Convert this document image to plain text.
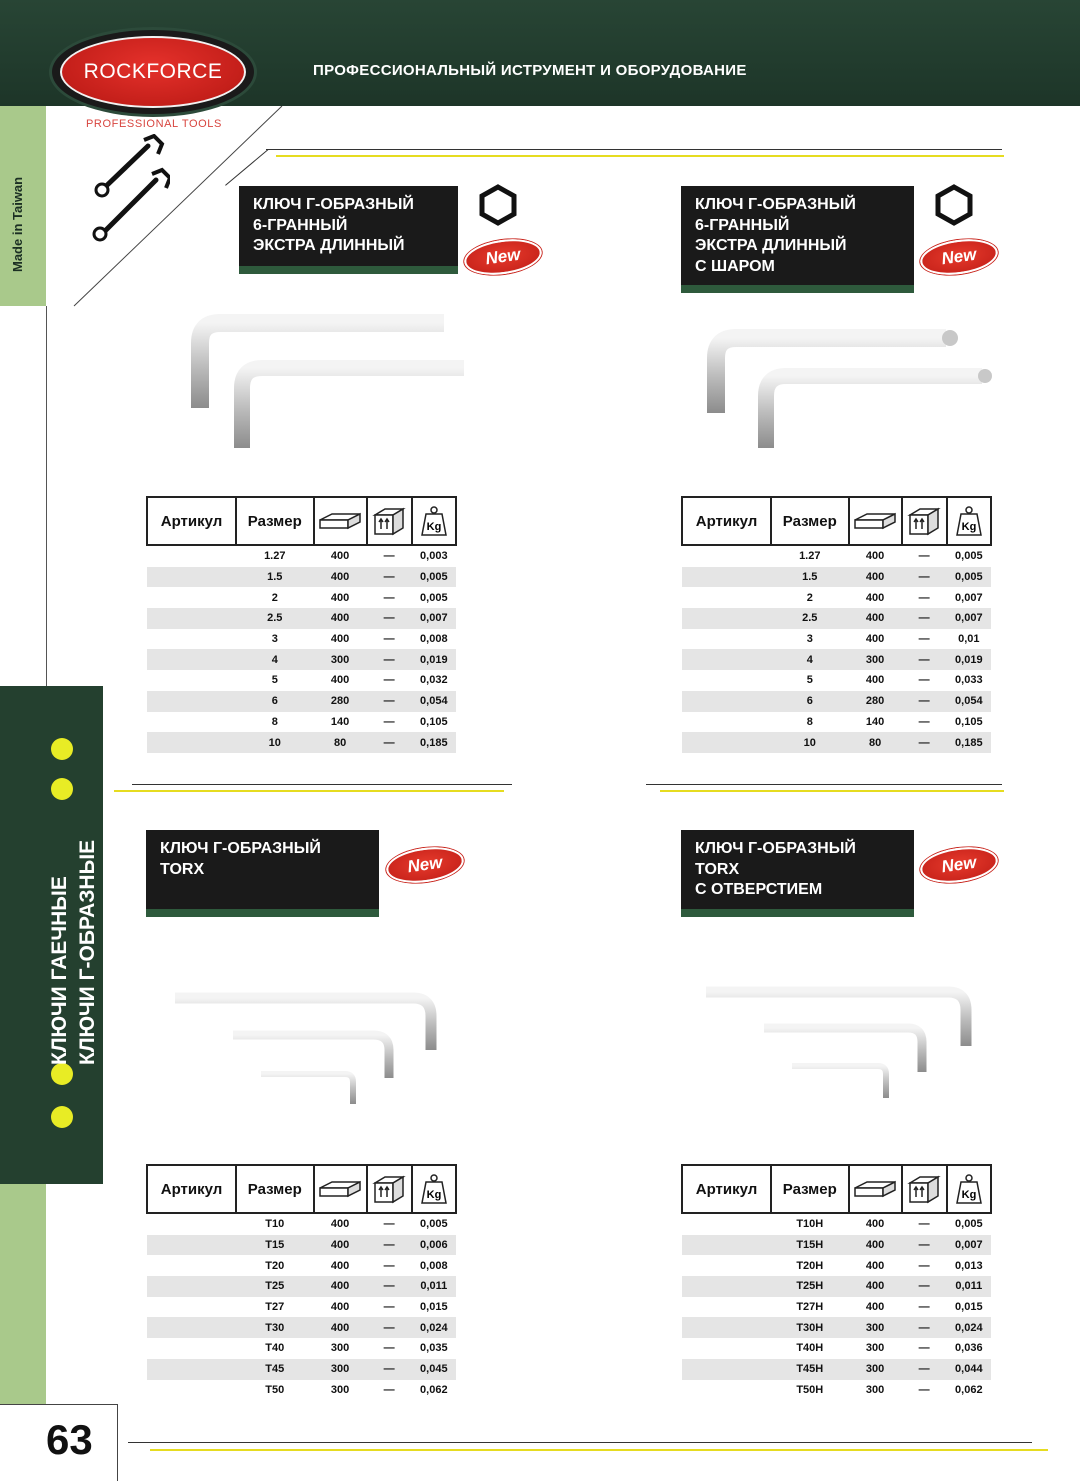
ROCKFORCE
PROFESSIONAL TOOLS
ПРОФЕССИОНАЛЬНЫЙ ИСТРУМЕНТ И ОБОРУДОВАНИЕ
Made in Taiwan
КЛЮЧИ ГАЕЧНЫЕ КЛЮЧИ Г-ОБРАЗНЫЕ
63
КЛЮЧ Г-ОБРАЗНЫЙ
6-ГРАННЫЙ
ЭКСТРА ДЛИННЫЙ	New
Артикул	Размер			Kg

	1.27	400	—	0,003
	1.5	400	—	0,005
	2	400	—	0,005
	2.5	400	—	0,007
	3	400	—	0,008
	4	300	—	0,019
	5	400	—	0,032
	6	280	—	0,054
	8	140	—	0,105
	10	80	—	0,185
КЛЮЧ Г-ОБРАЗНЫЙ
6-ГРАННЫЙ
ЭКСТРА ДЛИННЫЙ
С ШАРОМ	New
Артикул	Размер			Kg

	1.27	400	—	0,005
	1.5	400	—	0,005
	2	400	—	0,007
	2.5	400	—	0,007
	3	400	—	0,01
	4	300	—	0,019
	5	400	—	0,033
	6	280	—	0,054
	8	140	—	0,105
	10	80	—	0,185
КЛЮЧ Г-ОБРАЗНЫЙ
TORX	New
Артикул	Размер			Kg

	T10	400	—	0,005
	T15	400	—	0,006
	T20	400	—	0,008
	T25	400	—	0,011
	T27	400	—	0,015
	T30	400	—	0,024
	T40	300	—	0,035
	T45	300	—	0,045
	T50	300	—	0,062
КЛЮЧ Г-ОБРАЗНЫЙ
TORX
С ОТВЕРСТИЕМ
New
Артикул	Размер			Kg

	T10H	400	—	0,005
	T15H	400	—	0,007
	T20H	400	—	0,013
	T25H	400	—	0,011
	T27H	400	—	0,015
	T30H	300	—	0,024
	T40H	300	—	0,036
	T45H	300	—	0,044
	T50H	300	—	0,062
